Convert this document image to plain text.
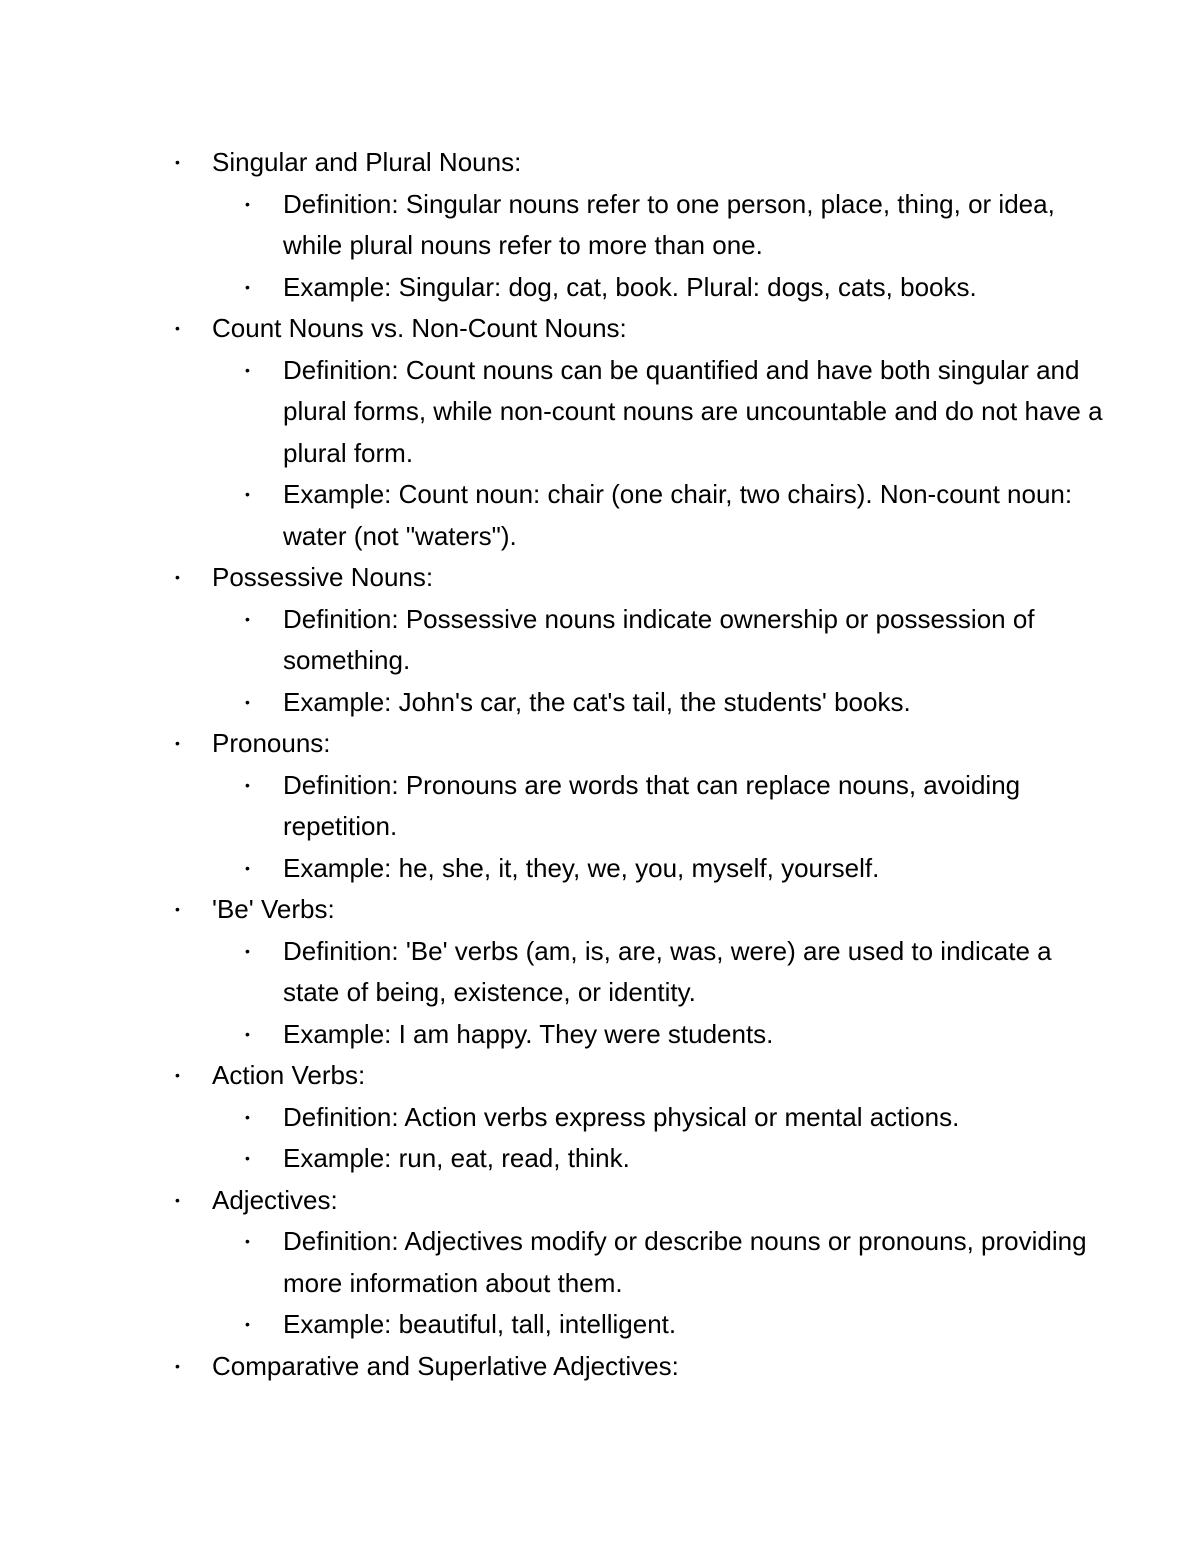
• Singular and Plural Nouns:
• Definition: Singular nouns refer to one person, place, thing, or idea, while plural nouns refer to more than one.
• Example: Singular: dog, cat, book. Plural: dogs, cats, books.
• Count Nouns vs. Non-Count Nouns:
• Definition: Count nouns can be quantified and have both singular and plural forms, while non-count nouns are uncountable and do not have a plural form.
• Example: Count noun: chair (one chair, two chairs). Non-count noun: water (not "waters").
• Possessive Nouns:
• Definition: Possessive nouns indicate ownership or possession of something.
• Example: John's car, the cat's tail, the students' books.
• Pronouns:
• Definition: Pronouns are words that can replace nouns, avoiding repetition.
• Example: he, she, it, they, we, you, myself, yourself.
• 'Be' Verbs:
• Definition: 'Be' verbs (am, is, are, was, were) are used to indicate a state of being, existence, or identity.
• Example: I am happy. They were students.
• Action Verbs:
• Definition: Action verbs express physical or mental actions.
• Example: run, eat, read, think.
• Adjectives:
• Definition: Adjectives modify or describe nouns or pronouns, providing more information about them.
• Example: beautiful, tall, intelligent.
• Comparative and Superlative Adjectives:
